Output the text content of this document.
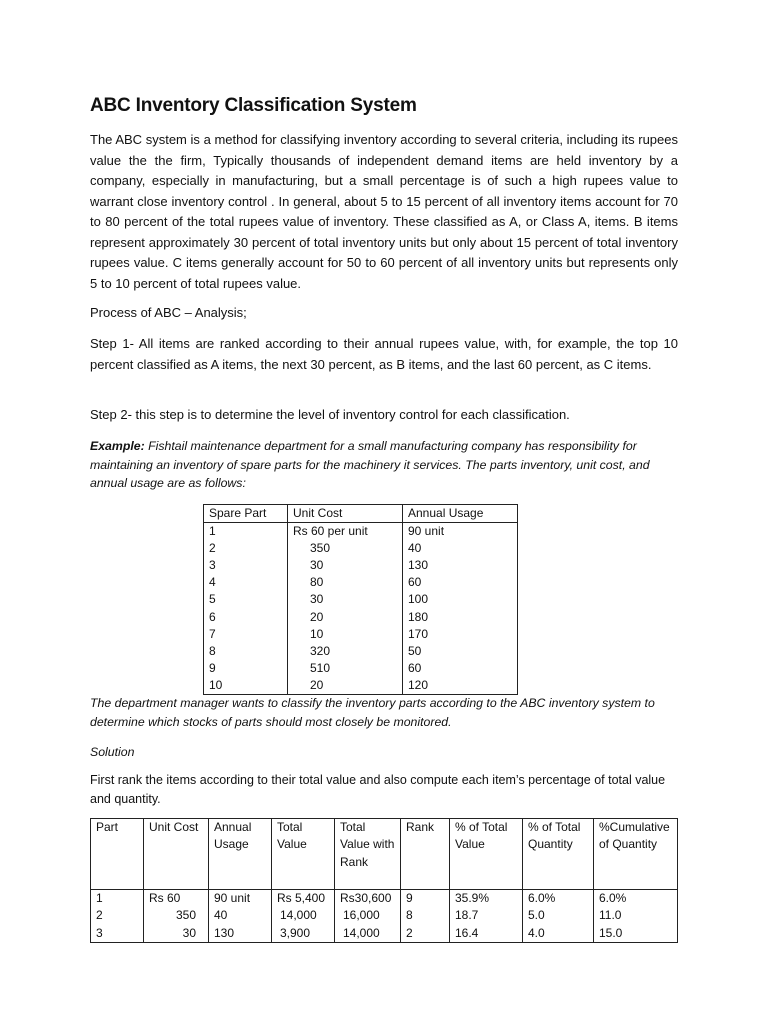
ABC Inventory Classification System

The ABC system is a method for classifying inventory according to several criteria, including its rupees value the the firm, Typically thousands of independent demand items are held inventory by a company, especially in manufacturing, but a small percentage is of such a high rupees value to warrant close inventory control . In general, about 5 to 15 percent of all inventory items account for 70 to 80 percent of the total rupees value of inventory. These classified as A, or Class A, items. B items represent approximately 30 percent of total inventory units but only about 15 percent of total inventory rupees value. C items generally account for 50 to 60 percent of all inventory units but represents only 5 to 10 percent of total rupees value.

Process of ABC – Analysis;

Step 1- All items are ranked according to their annual rupees value, with, for example, the top 10 percent classified as A items, the next 30 percent, as B items, and the last 60 percent, as C items.

Step 2- this step is to determine the level of inventory control for each classification.

Example: Fishtail maintenance department for a small manufacturing company has responsibility for maintaining an inventory of spare parts for the machinery it services. The parts inventory, unit cost, and annual usage are as follows:

The department manager wants to classify the inventory parts according to the ABC inventory system to determine which stocks of parts should most closely be monitored.

Solution

First rank the items according to their total value and also compute each item’s percentage of total value and quantity.

Spare Part	Unit Cost	Annual Usage
1	Rs 60 per unit	90 unit
2	350	40
3	30	130
4	80	60
5	30	100
6	20	180
7	10	170
8	320	50
9	510	60
10	20	120
Part	Unit Cost	Annual Usage	Total Value	Total Value with Rank	Rank	% of Total Value	% of Total Quantity	%Cumulative of Quantity
1	Rs 60	90 unit	Rs 5,400	Rs30,600	9	35.9%	6.0%	6.0%
2	350	40	14,000	16,000	8	18.7	5.0	11.0
3	30	130	3,900	14,000	2	16.4	4.0	15.0
